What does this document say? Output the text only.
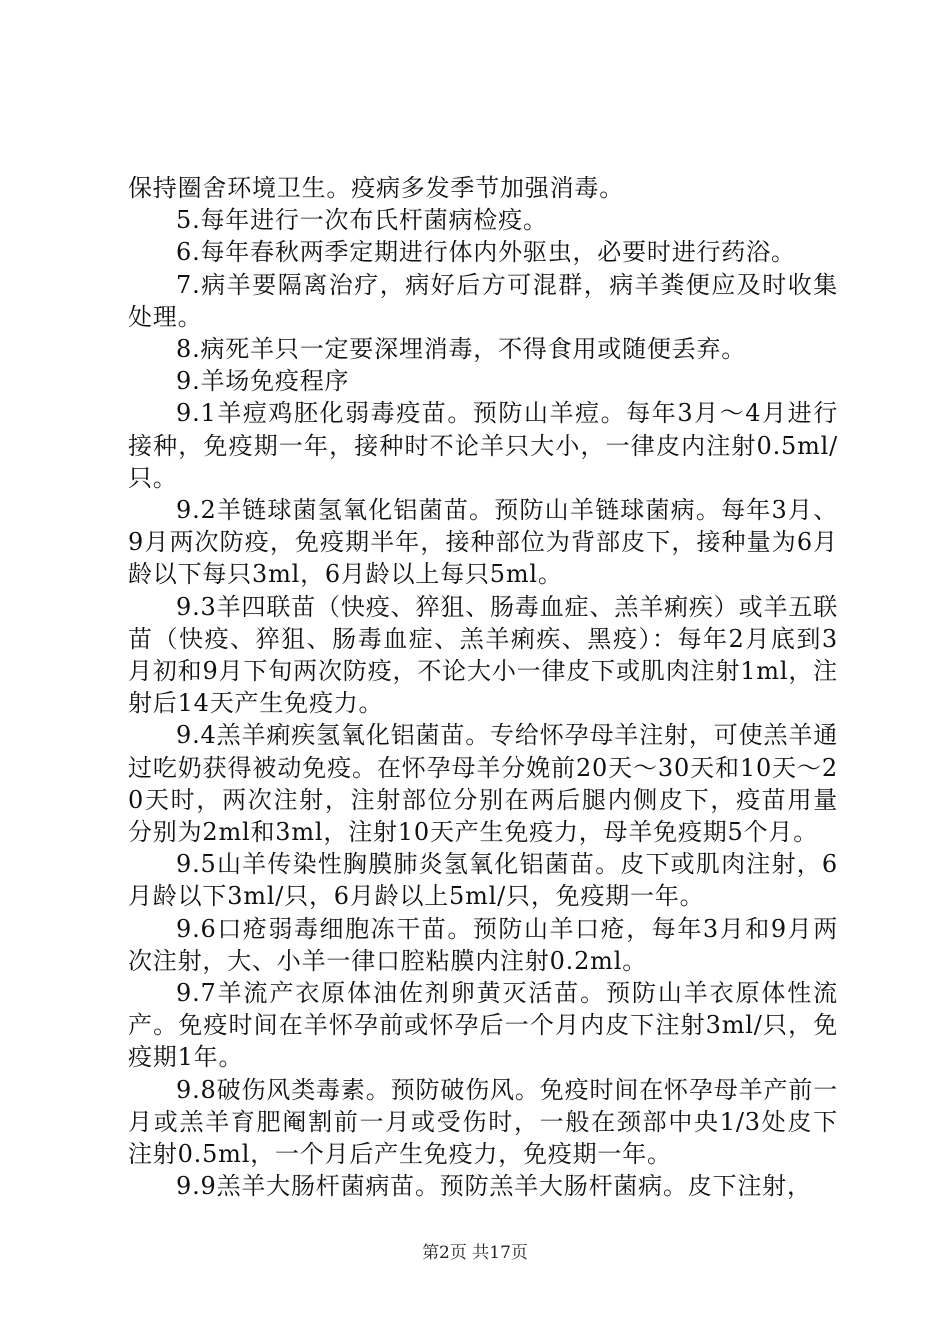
保持圈舍环境卫生。疫病多发季节加强消毒。

5.每年进行一次布氏杆菌病检疫。

6.每年春秋两季定期进行体内外驱虫，必要时进行药浴。

7.病羊要隔离治疗，病好后方可混群，病羊粪便应及时收集处理。

8.病死羊只一定要深埋消毒，不得食用或随便丢弃。

9.羊场免疫程序

9.1羊痘鸡胚化弱毒疫苗。预防山羊痘。每年3月～4月进行接种，免疫期一年，接种时不论羊只大小，一律皮内注射0.5ml/只。

9.2羊链球菌氢氧化铝菌苗。预防山羊链球菌病。每年3月、9月两次防疫，免疫期半年，接种部位为背部皮下，接种量为6月龄以下每只3ml，6月龄以上每只5ml。

9.3羊四联苗（快疫、猝狙、肠毒血症、羔羊痢疾）或羊五联苗（快疫、猝狙、肠毒血症、羔羊痢疾、黑疫）：每年2月底到3月初和9月下旬两次防疫，不论大小一律皮下或肌肉注射1ml，注射后14天产生免疫力。

9.4羔羊痢疾氢氧化铝菌苗。专给怀孕母羊注射，可使羔羊通过吃奶获得被动免疫。在怀孕母羊分娩前20天～30天和10天～20天时，两次注射，注射部位分别在两后腿内侧皮下，疫苗用量分别为2ml和3ml，注射10天产生免疫力，母羊免疫期5个月。

9.5山羊传染性胸膜肺炎氢氧化铝菌苗。皮下或肌肉注射，6月龄以下3ml/只，6月龄以上5ml/只，免疫期一年。

9.6口疮弱毒细胞冻干苗。预防山羊口疮，每年3月和9月两次注射，大、小羊一律口腔粘膜内注射0.2ml。

9.7羊流产衣原体油佐剂卵黄灭活苗。预防山羊衣原体性流产。免疫时间在羊怀孕前或怀孕后一个月内皮下注射3ml/只，免疫期1年。

9.8破伤风类毒素。预防破伤风。免疫时间在怀孕母羊产前一月或羔羊育肥阉割前一月或受伤时，一般在颈部中央1/3处皮下注射0.5ml，一个月后产生免疫力，免疫期一年。

9.9羔羊大肠杆菌病苗。预防羔羊大肠杆菌病。皮下注射，

第2页 共17页
